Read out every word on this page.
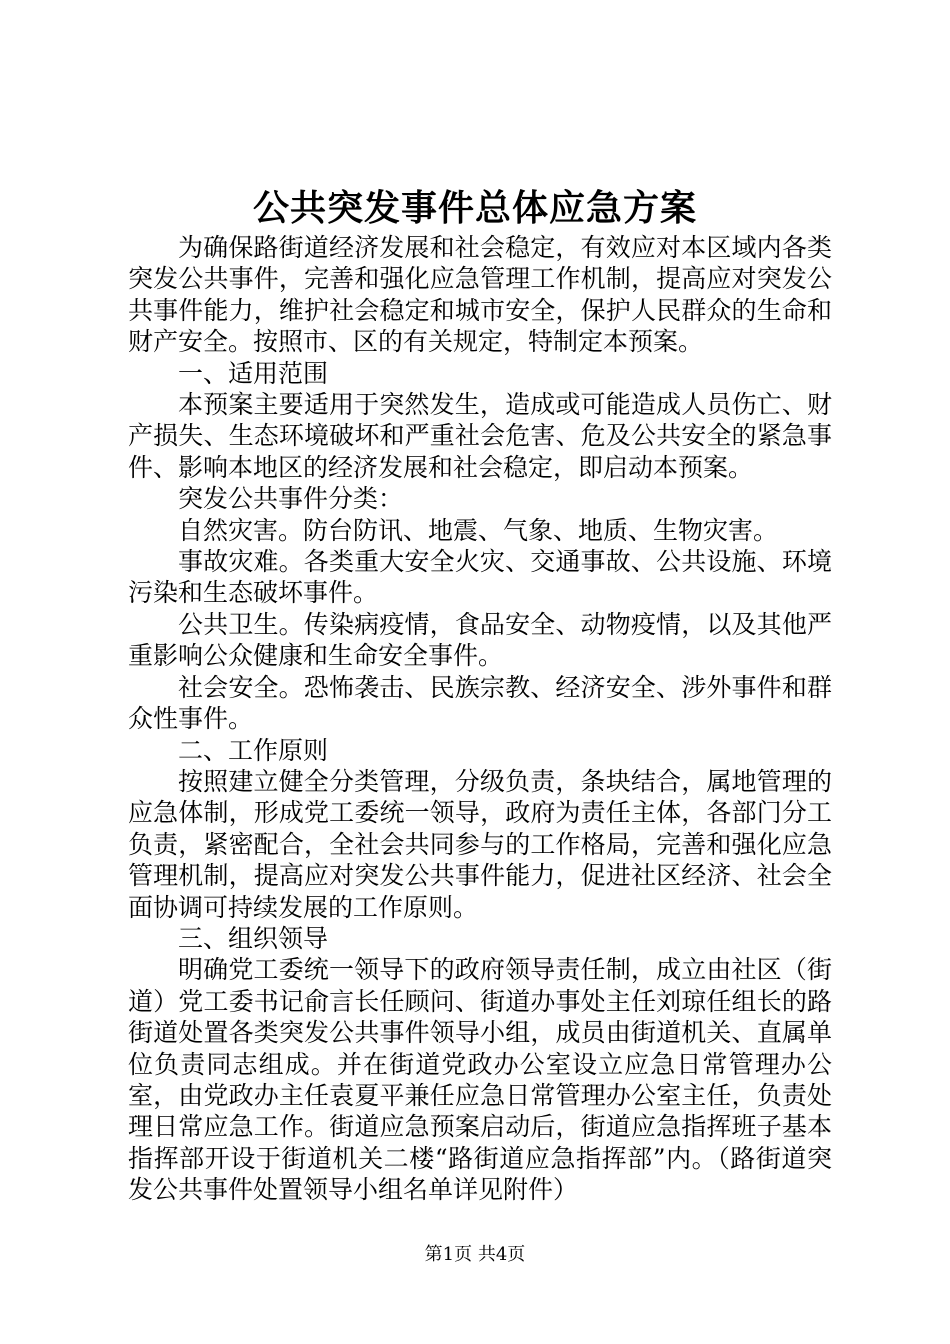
公共突发事件总体应急方案

为确保路街道经济发展和社会稳定，有效应对本区域内各类突发公共事件，完善和强化应急管理工作机制，提高应对突发公共事件能力，维护社会稳定和城市安全，保护人民群众的生命和财产安全。按照市、区的有关规定，特制定本预案。

一、适用范围

本预案主要适用于突然发生，造成或可能造成人员伤亡、财产损失、生态环境破坏和严重社会危害、危及公共安全的紧急事件、影响本地区的经济发展和社会稳定，即启动本预案。

突发公共事件分类：

自然灾害。防台防讯、地震、气象、地质、生物灾害。

事故灾难。各类重大安全火灾、交通事故、公共设施、环境污染和生态破坏事件。

公共卫生。传染病疫情，食品安全、动物疫情，以及其他严重影响公众健康和生命安全事件。

社会安全。恐怖袭击、民族宗教、经济安全、涉外事件和群众性事件。

二、工作原则

按照建立健全分类管理，分级负责，条块结合，属地管理的应急体制，形成党工委统一领导，政府为责任主体，各部门分工负责，紧密配合，全社会共同参与的工作格局，完善和强化应急管理机制，提高应对突发公共事件能力，促进社区经济、社会全面协调可持续发展的工作原则。

三、组织领导

明确党工委统一领导下的政府领导责任制，成立由社区（街道）党工委书记俞言长任顾问、街道办事处主任刘琼任组长的路街道处置各类突发公共事件领导小组，成员由街道机关、直属单位负责同志组成。并在街道党政办公室设立应急日常管理办公室，由党政办主任袁夏平兼任应急日常管理办公室主任，负责处理日常应急工作。街道应急预案启动后，街道应急指挥班子基本指挥部开设于街道机关二楼“路街道应急指挥部”内。（路街道突发公共事件处置领导小组名单详见附件）

第1页 共4页
